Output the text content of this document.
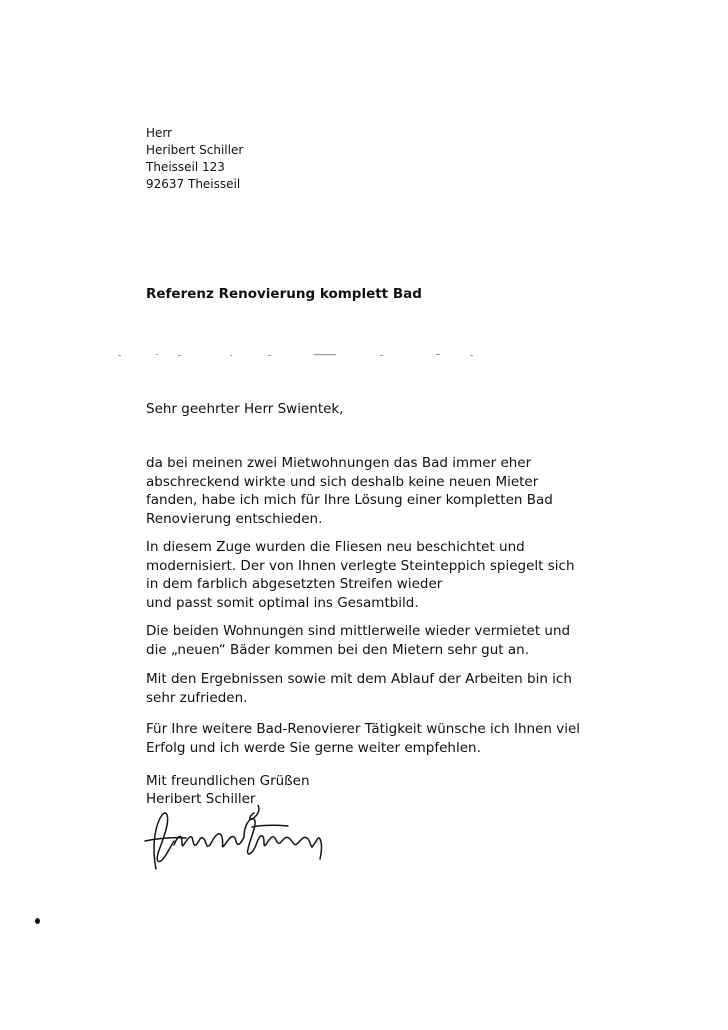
Herr
Heribert Schiller
Theisseil 123
92637 Theisseil
Referenz Renovierung komplett Bad
Sehr geehrter Herr Swientek,
da bei meinen zwei Mietwohnungen das Bad immer eher
abschreckend wirkte und sich deshalb keine neuen Mieter
fanden, habe ich mich für Ihre Lösung einer kompletten Bad
Renovierung entschieden.
In diesem Zuge wurden die Fliesen neu beschichtet und
modernisiert. Der von Ihnen verlegte Steinteppich spiegelt sich
in dem farblich abgesetzten Streifen wieder
und passt somit optimal ins Gesamtbild.
Die beiden Wohnungen sind mittlerweile wieder vermietet und
die „neuen“ Bäder kommen bei den Mietern sehr gut an.
Mit den Ergebnissen sowie mit dem Ablauf der Arbeiten bin ich
sehr zufrieden.
Für Ihre weitere Bad-Renovierer Tätigkeit wünsche ich Ihnen viel
Erfolg und ich werde Sie gerne weiter empfehlen.
Mit freundlichen Grüßen
Heribert Schiller
